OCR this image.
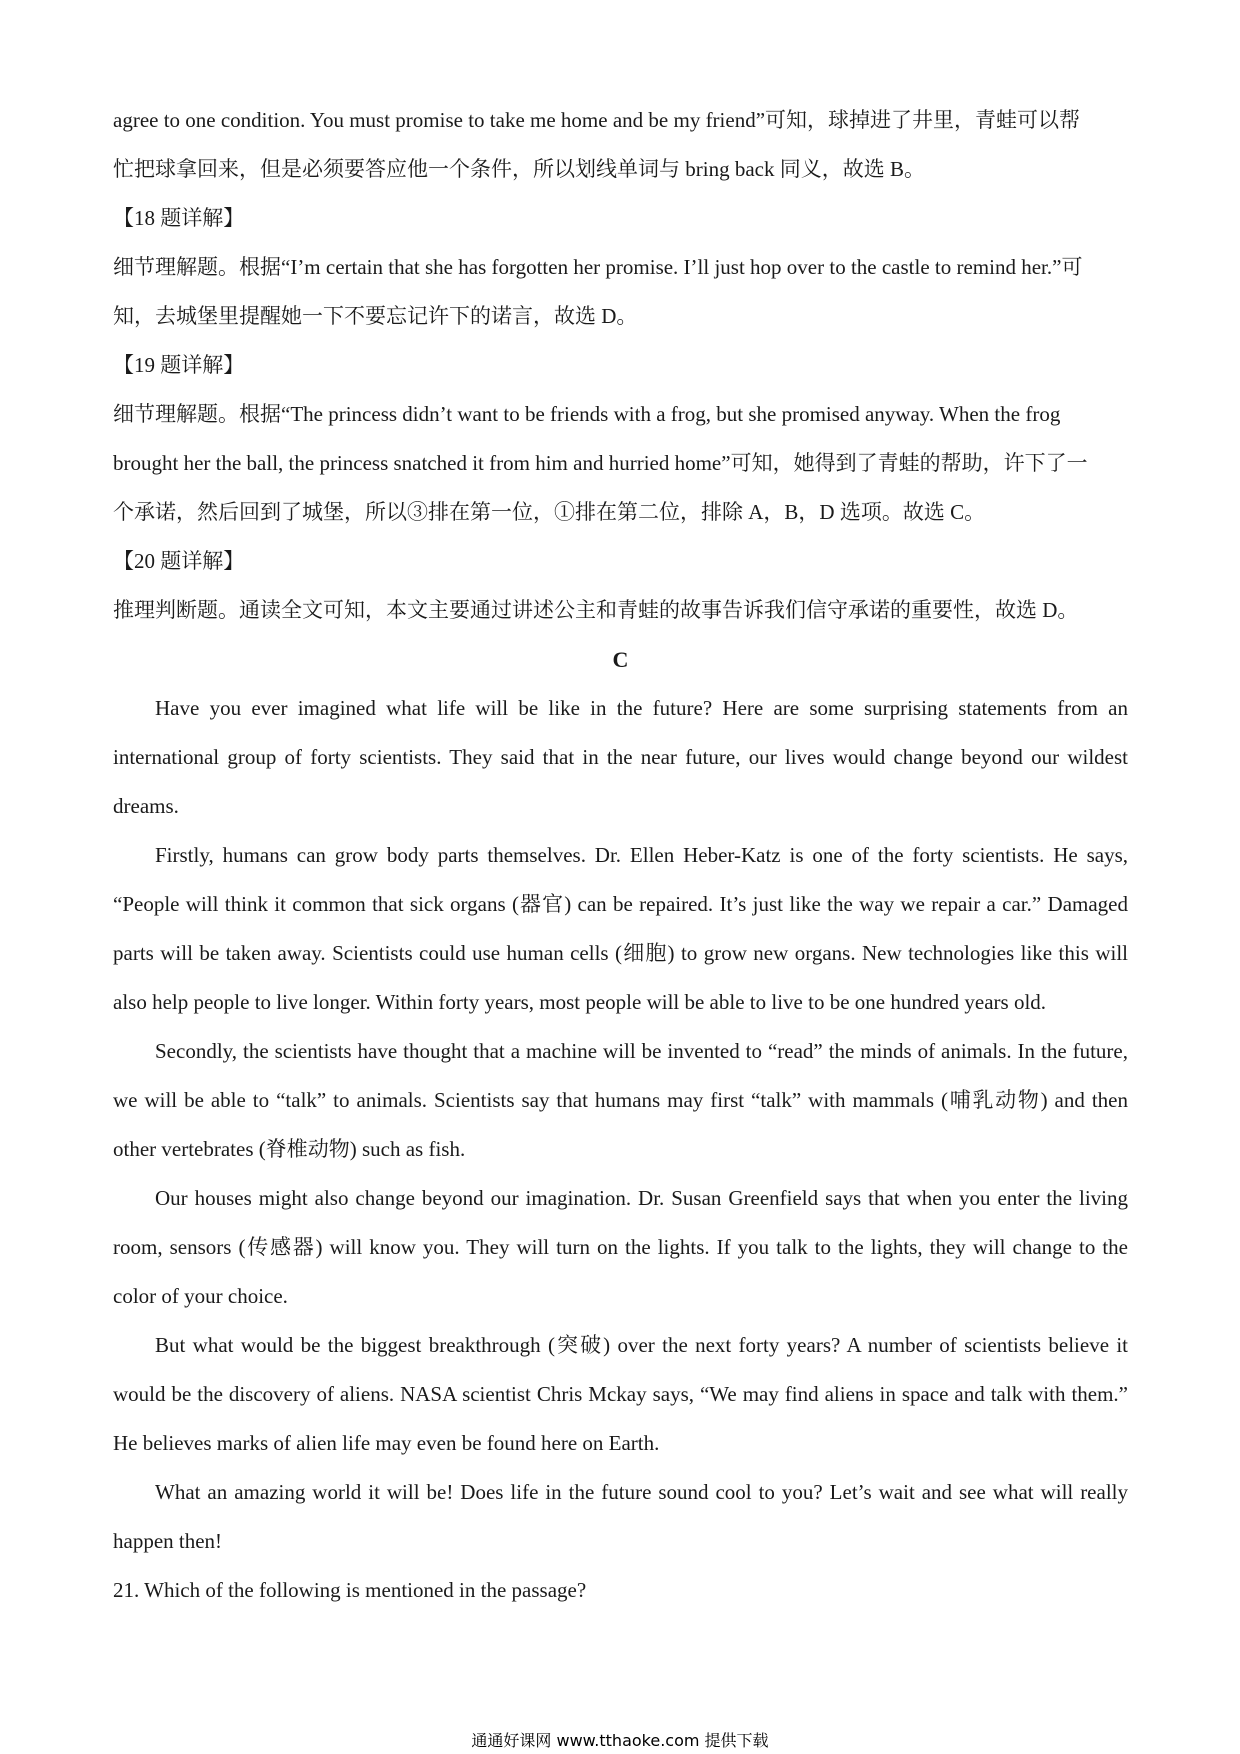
agree to one condition. You must promise to take me home and be my friend”可知，球掉进了井里，青蛙可以帮

忙把球拿回来，但是必须要答应他一个条件，所以划线单词与 bring back 同义，故选 B。

【18 题详解】

细节理解题。根据“I’m certain that she has forgotten her promise. I’ll just hop over to the castle to remind her.”可

知，去城堡里提醒她一下不要忘记许下的诺言，故选 D。

【19 题详解】

细节理解题。根据“The princess didn’t want to be friends with a frog, but she promised anyway. When the frog

brought her the ball, the princess snatched it from him and hurried home”可知，她得到了青蛙的帮助，许下了一

个承诺，然后回到了城堡，所以③排在第一位，①排在第二位，排除 A，B，D 选项。故选 C。

【20 题详解】

推理判断题。通读全文可知，本文主要通过讲述公主和青蛙的故事告诉我们信守承诺的重要性，故选 D。

C

Have you ever imagined what life will be like in the future? Here are some surprising statements from an international group of forty scientists. They said that in the near future, our lives would change beyond our wildest dreams.

Firstly, humans can grow body parts themselves. Dr. Ellen Heber-Katz is one of the forty scientists. He says, “People will think it common that sick organs (器官) can be repaired. It’s just like the way we repair a car.” Damaged parts will be taken away. Scientists could use human cells (细胞) to grow new organs. New technologies like this will also help people to live longer. Within forty years, most people will be able to live to be one hundred years old.

Secondly, the scientists have thought that a machine will be invented to “read” the minds of animals. In the future, we will be able to “talk” to animals. Scientists say that humans may first “talk” with mammals (哺乳动物) and then other vertebrates (脊椎动物) such as fish.

Our houses might also change beyond our imagination. Dr. Susan Greenfield says that when you enter the living room, sensors (传感器) will know you. They will turn on the lights. If you talk to the lights, they will change to the color of your choice.

But what would be the biggest breakthrough (突破) over the next forty years? A number of scientists believe it would be the discovery of aliens. NASA scientist Chris Mckay says, “We may find aliens in space and talk with them.” He believes marks of alien life may even be found here on Earth.

What an amazing world it will be! Does life in the future sound cool to you? Let’s wait and see what will really happen then!

21. Which of the following is mentioned in the passage?

通通好课网 www.tthaoke.com 提供下载
